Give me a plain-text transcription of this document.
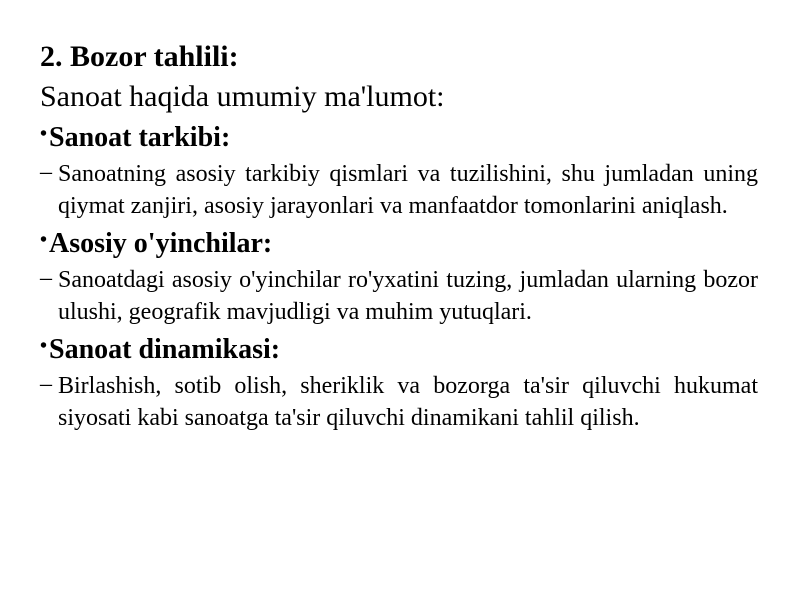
2. Bozor tahlili:
Sanoat haqida umumiy ma'lumot:
• Sanoat tarkibi:
– Sanoatning asosiy tarkibiy qismlari va tuzilishini, shu jumladan uning qiymat zanjiri, asosiy jarayonlari va manfaatdor tomonlarini aniqlash.
• Asosiy o'yinchilar:
– Sanoatdagi asosiy o'yinchilar ro'yxatini tuzing, jumladan ularning bozor ulushi, geografik mavjudligi va muhim yutuqlari.
• Sanoat dinamikasi:
– Birlashish, sotib olish, sheriklik va bozorga ta'sir qiluvchi hukumat siyosati kabi sanoatga ta'sir qiluvchi dinamikani tahlil qilish.
